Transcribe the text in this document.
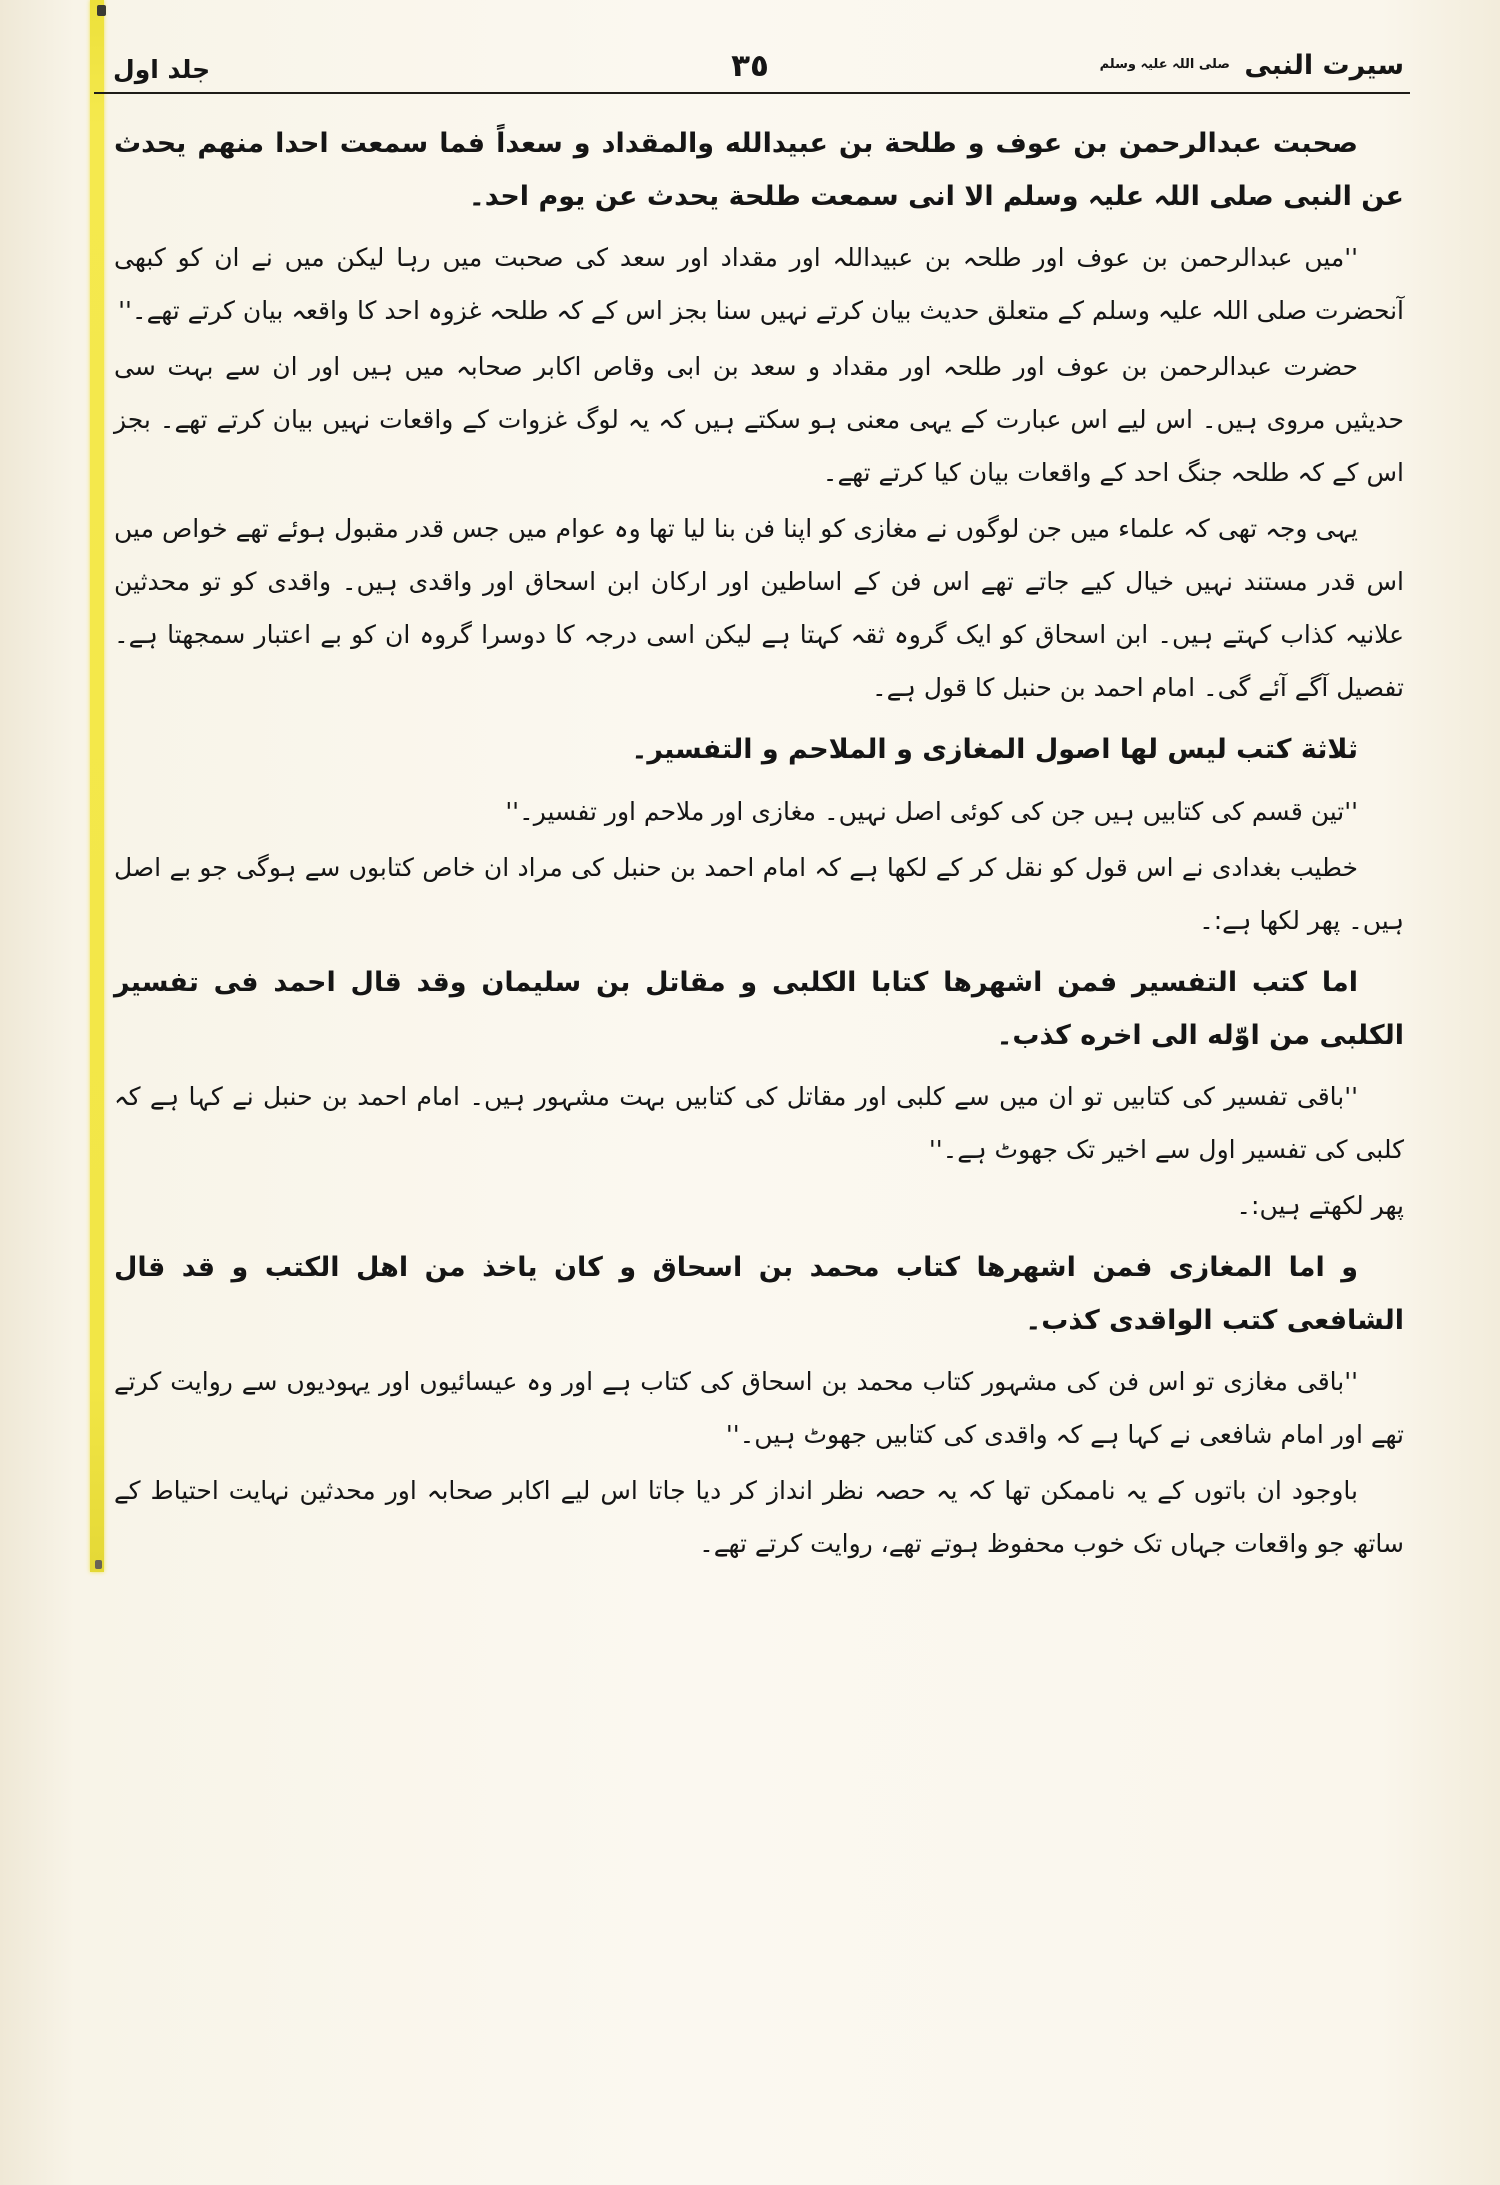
سیرت النبی $^{صلی اللہ علیہ وسلم}$
٣٥
جلد اول

صحبت عبدالرحمن بن عوف و طلحة بن عبیدالله والمقداد و سعداً فما سمعت احدا منهم یحدث عن النبی صلی اللہ علیہ وسلم الا انی سمعت طلحة یحدث عن یوم احد۔

''میں عبدالرحمن بن عوف اور طلحہ بن عبیداللہ اور مقداد اور سعد کی صحبت میں رہا لیکن میں نے ان کو کبھی آنحضرت صلی اللہ علیہ وسلم کے متعلق حدیث بیان کرتے نہیں سنا بجز اس کے کہ طلحہ غزوہ احد کا واقعہ بیان کرتے تھے۔''

حضرت عبدالرحمن بن عوف اور طلحہ اور مقداد و سعد بن ابی وقاص اکابر صحابہ میں ہیں اور ان سے بہت سی حدیثیں مروی ہیں۔ اس لیے اس عبارت کے یہی معنی ہو سکتے ہیں کہ یہ لوگ غزوات کے واقعات نہیں بیان کرتے تھے۔ بجز اس کے کہ طلحہ جنگ احد کے واقعات بیان کیا کرتے تھے۔

یہی وجہ تھی کہ علماء میں جن لوگوں نے مغازی کو اپنا فن بنا لیا تھا وہ عوام میں جس قدر مقبول ہوئے تھے خواص میں اس قدر مستند نہیں خیال کیے جاتے تھے اس فن کے اساطین اور ارکان ابن اسحاق اور واقدی ہیں۔ واقدی کو تو محدثین علانیہ کذاب کہتے ہیں۔ ابن اسحاق کو ایک گروہ ثقہ کہتا ہے لیکن اسی درجہ کا دوسرا گروہ ان کو بے اعتبار سمجھتا ہے۔ تفصیل آگے آئے گی۔ امام احمد بن حنبل کا قول ہے۔

ثلاثة کتب لیس لها اصول المغازی و الملاحم و التفسیر۔

''تین قسم کی کتابیں ہیں جن کی کوئی اصل نہیں۔ مغازی اور ملاحم اور تفسیر۔''

خطیب بغدادی نے اس قول کو نقل کر کے لکھا ہے کہ امام احمد بن حنبل کی مراد ان خاص کتابوں سے ہوگی جو بے اصل ہیں۔ پھر لکھا ہے:۔

اما کتب التفسیر فمن اشهرها کتابا الکلبی و مقاتل بن سلیمان وقد قال احمد فی تفسیر الکلبی من اوّله الی اخره کذب۔

''باقی تفسیر کی کتابیں تو ان میں سے کلبی اور مقاتل کی کتابیں بہت مشہور ہیں۔ امام احمد بن حنبل نے کہا ہے کہ کلبی کی تفسیر اول سے اخیر تک جھوٹ ہے۔''

پھر لکھتے ہیں:۔

و اما المغازی فمن اشهرها کتاب محمد بن اسحاق و کان یاخذ من اهل الکتب و قد قال الشافعی کتب الواقدی کذب۔

''باقی مغازی تو اس فن کی مشہور کتاب محمد بن اسحاق کی کتاب ہے اور وہ عیسائیوں اور یہودیوں سے روایت کرتے تھے اور امام شافعی نے کہا ہے کہ واقدی کی کتابیں جھوٹ ہیں۔''

باوجود ان باتوں کے یہ ناممکن تھا کہ یہ حصہ نظر انداز کر دیا جاتا اس لیے اکابر صحابہ اور محدثین نہایت احتیاط کے ساتھ جو واقعات جہاں تک خوب محفوظ ہوتے تھے، روایت کرتے تھے۔
